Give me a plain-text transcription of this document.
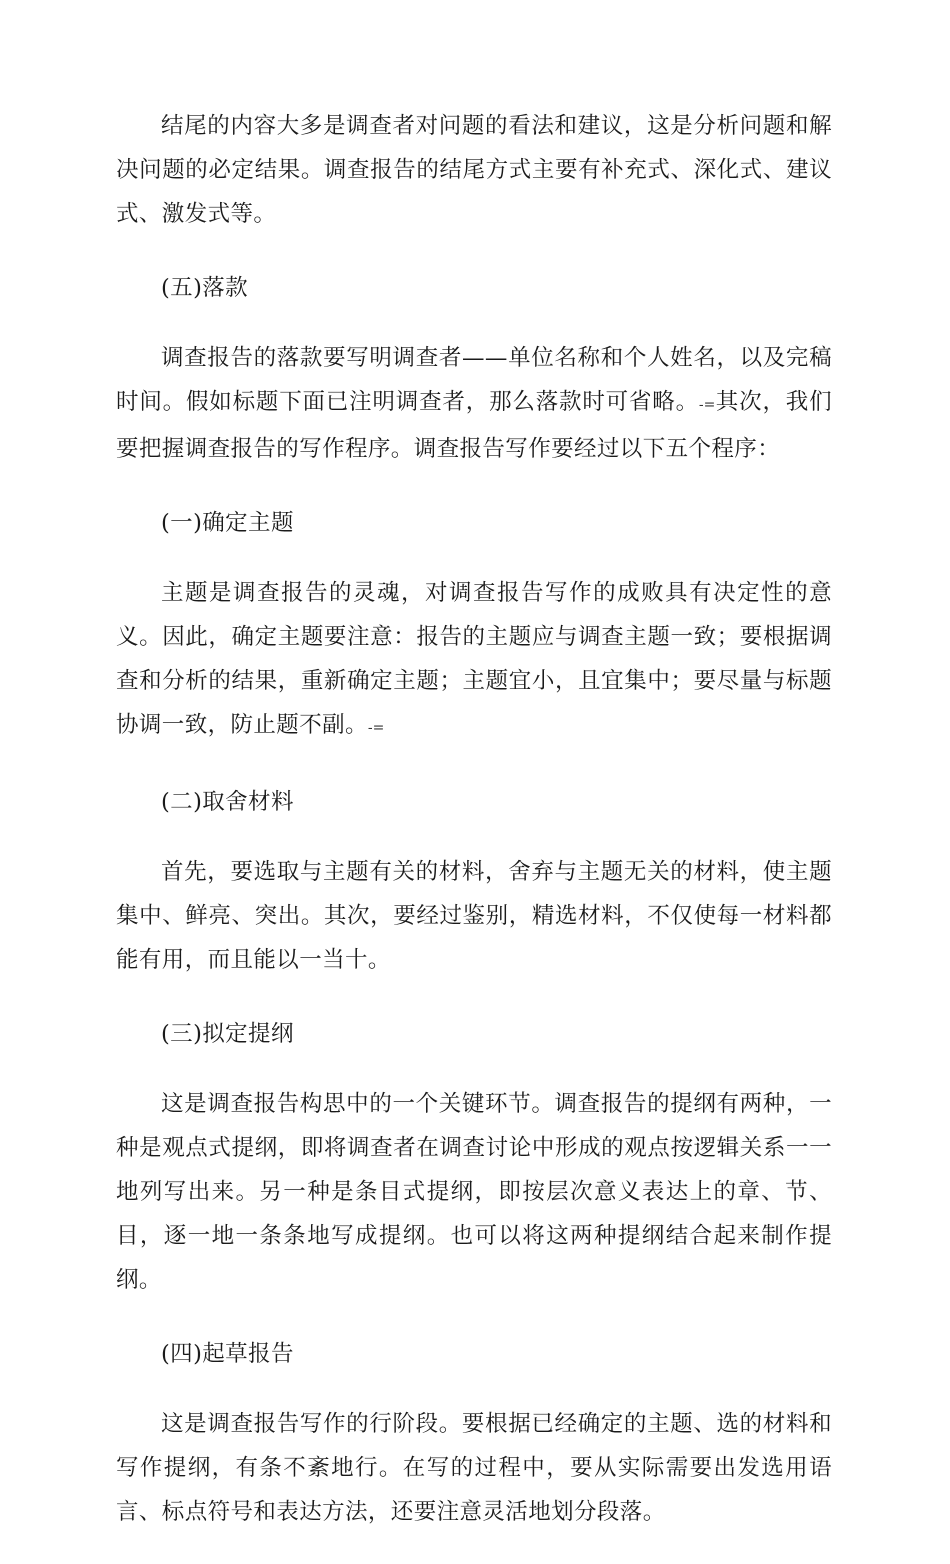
结尾的内容大多是调查者对问题的看法和建议，这是分析问题和解决问题的必定结果。调查报告的结尾方式主要有补充式、深化式、建议式、激发式等。

(五)落款

调查报告的落款要写明调查者——单位名称和个人姓名，以及完稿时间。假如标题下面已注明调查者，那么落款时可省略。-=其次，我们要把握调查报告的写作程序。调查报告写作要经过以下五个程序：

(一)确定主题

主题是调查报告的灵魂，对调查报告写作的成败具有决定性的意义。因此，确定主题要注意：报告的主题应与调查主题一致；要根据调查和分析的结果，重新确定主题；主题宜小，且宜集中；要尽量与标题协调一致，防止题不副。-=

(二)取舍材料

首先，要选取与主题有关的材料，舍弃与主题无关的材料，使主题集中、鲜亮、突出。其次，要经过鉴别，精选材料，不仅使每一材料都能有用，而且能以一当十。

(三)拟定提纲

这是调查报告构思中的一个关键环节。调查报告的提纲有两种，一种是观点式提纲，即将调查者在调查讨论中形成的观点按逻辑关系一一地列写出来。另一种是条目式提纲，即按层次意义表达上的章、节、目，逐一地一条条地写成提纲。也可以将这两种提纲结合起来制作提纲。

(四)起草报告

这是调查报告写作的行阶段。要根据已经确定的主题、选的材料和写作提纲，有条不紊地行。在写的过程中，要从实际需要出发选用语言、标点符号和表达方法，还要注意灵活地划分段落。
